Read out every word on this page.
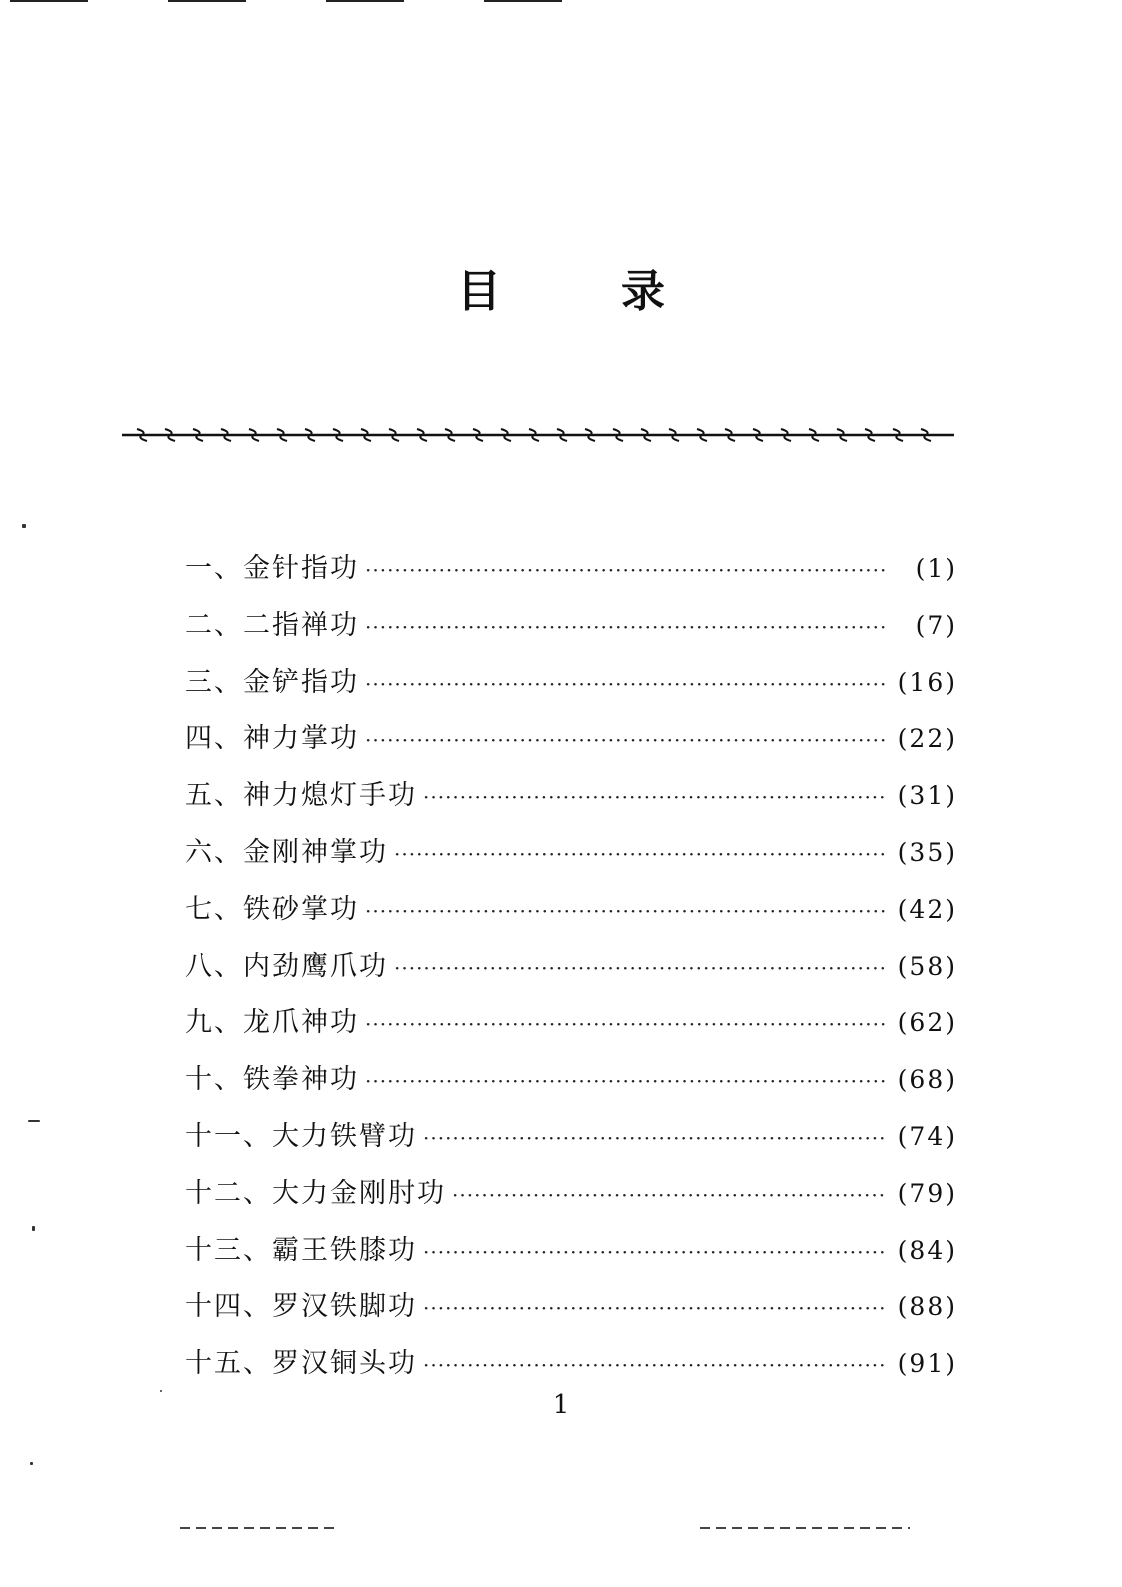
目	录
一、金针指功 ·····	(1)
二、二指禅功 ·····	(7)
三、金铲指功 ·····	(16)
四、神力掌功 ·····	(22)
五、神力熄灯手功 ·····	(31)
六、金刚神掌功 ·····	(35)
七、铁砂掌功 ·····	(42)
八、内劲鹰爪功 ·····	(58)
九、龙爪神功 ·····	(62)
十、铁拳神功 ·····	(68)
十一、大力铁臂功 ·····	(74)
十二、大力金刚肘功 ·····	(79)
十三、霸王铁膝功 ·····	(84)
十四、罗汉铁脚功 ·····	(88)
十五、罗汉铜头功 ·····	(91)
1
